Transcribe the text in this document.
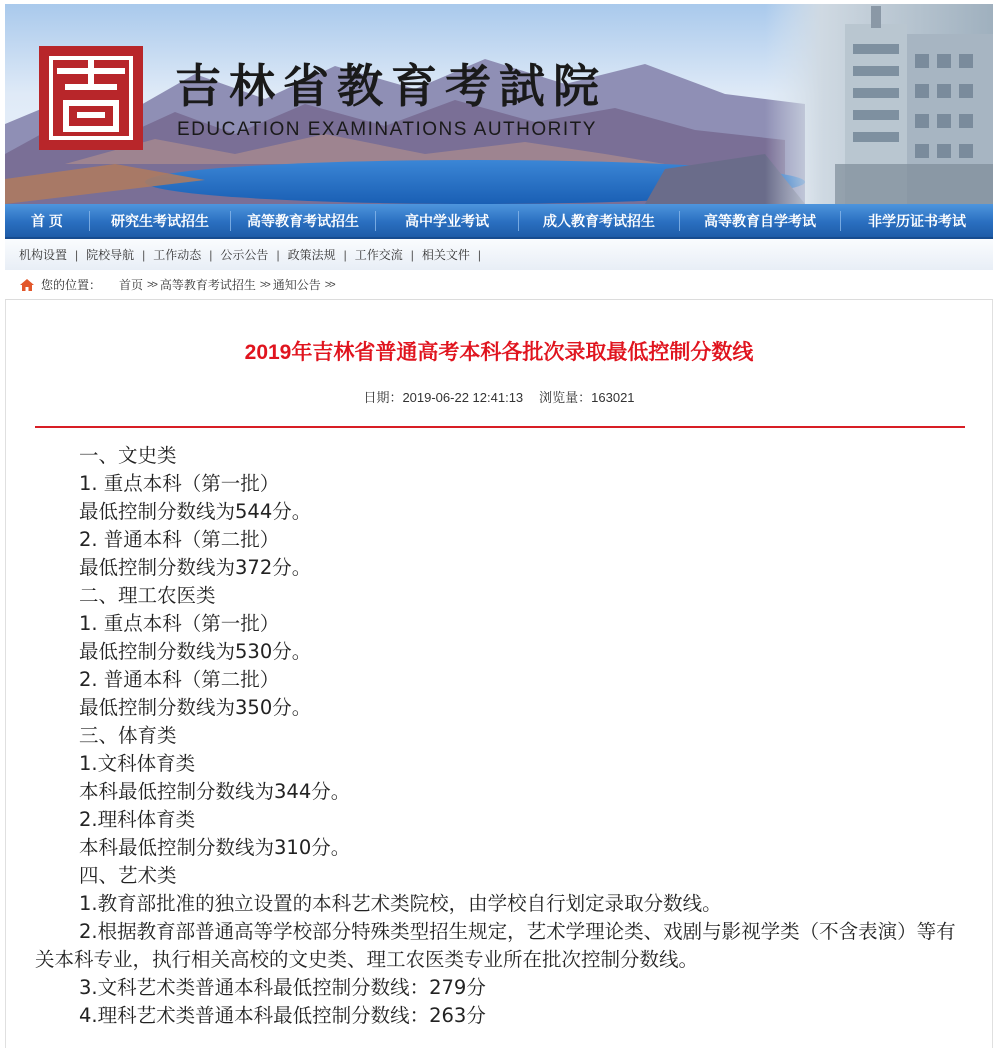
吉林省教育考試院
EDUCATION EXAMINATIONS AUTHORITY
首 页	研究生考试招生	高等教育考试招生	高中学业考试	成人教育考试招生	高等教育自学考试	非学历证书考试
机构设置 | 院校导航 | 工作动态 | 公示公告 | 政策法规 | 工作交流 | 相关文件 |
您的位置： 首页 >> 高等教育考试招生 >> 通知公告 >>
2019年吉林省普通高考本科各批次录取最低控制分数线
日期：2019-06-22 12:41:13 浏览量：163021

一、文史类

1. 重点本科（第一批）

最低控制分数线为544分。

2. 普通本科（第二批）

最低控制分数线为372分。

二、理工农医类

1. 重点本科（第一批）

最低控制分数线为530分。

2. 普通本科（第二批）

最低控制分数线为350分。

三、体育类

1.文科体育类

本科最低控制分数线为344分。

2.理科体育类

本科最低控制分数线为310分。

四、艺术类

1.教育部批准的独立设置的本科艺术类院校，由学校自行划定录取分数线。

2.根据教育部普通高等学校部分特殊类型招生规定，艺术学理论类、戏剧与影视学类（不含表演）等有关本科专业，执行相关高校的文史类、理工农医类专业所在批次控制分数线。

3.文科艺术类普通本科最低控制分数线：279分

4.理科艺术类普通本科最低控制分数线：263分
